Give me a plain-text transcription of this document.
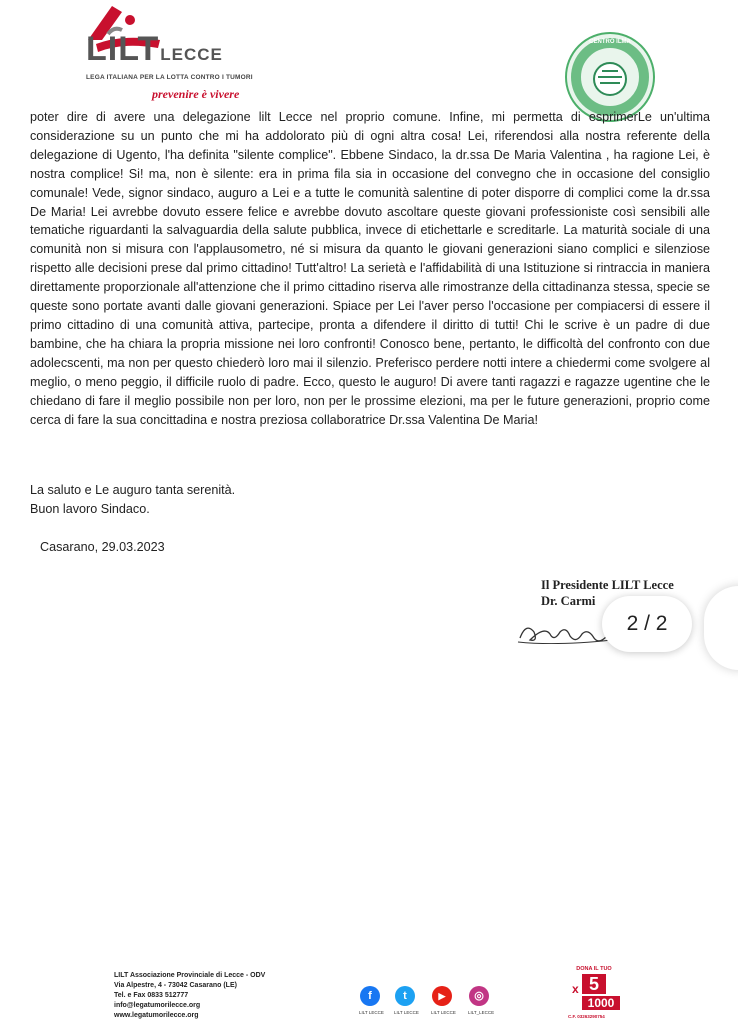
LILTLECCE
LEGA ITALIANA PER LA LOTTA CONTRO I TUMORI
prevenire è vivere
CENTRO ILMA

poter dire di avere una delegazione lilt Lecce nel proprio comune. Infine, mi permetta di esprimerLe un'ultima considerazione su un punto che mi ha addolorato più di ogni altra cosa! Lei, riferendosi alla nostra referente della delegazione di Ugento, l'ha definita "silente complice". Ebbene Sindaco, la dr.ssa De Maria Valentina , ha ragione Lei, è nostra complice! Si! ma, non è silente: era in prima fila sia in occasione del convegno che in occasione del consiglio comunale! Vede, signor sindaco, auguro a Lei e a tutte le comunità salentine di poter disporre di complici come la dr.ssa De Maria! Lei avrebbe dovuto essere felice e avrebbe dovuto ascoltare queste giovani professioniste così sensibili alle tematiche riguardanti la salvaguardia della salute pubblica, invece di etichettarle e screditarle. La maturità sociale di una comunità non si misura con l'applausometro, né si misura da quanto le giovani generazioni siano complici e silenziose rispetto alle decisioni prese dal primo cittadino! Tutt'altro! La serietà e l'affidabilità di una Istituzione si rintraccia in maniera direttamente proporzionale all'attenzione che il primo cittadino riserva alle rimostranze della cittadinanza stessa, specie se queste sono portate avanti dalle giovani generazioni. Spiace per Lei l'aver perso l'occasione per compiacersi di essere il primo cittadino di una comunità attiva, partecipe, pronta a difendere il diritto di tutti! Chi le scrive è un padre di due bambine, che ha chiara la propria missione nei loro confronti! Conosco bene, pertanto, le difficoltà del confronto con due adolecscenti, ma non per questo chiederò loro mai il silenzio. Preferisco perdere notti intere a chiedermi come svolgere al meglio, o meno peggio, il difficile ruolo di padre. Ecco, questo le auguro! Di avere tanti ragazzi e ragazze ugentine che le chiedano di fare il meglio possibile non per loro, non per le prossime elezioni, ma per le future generazioni, proprio come cerca di fare la sua concittadina e nostra preziosa collaboratrice Dr.ssa Valentina De Maria!

La saluto e Le auguro tanta serenità.
Buon lavoro Sindaco.
Casarano, 29.03.2023
Il Presidente LILT Lecce
Dr. Carmi
2 / 2
LILT Associazione Provinciale di Lecce - ODV
Via Alpestre, 4 - 73042 Casarano (LE)
Tel. e Fax 0833 512777
info@legatumorilecce.org
www.legatumorilecce.org
f
LILT LECCE
t
LILT LECCE
▶
LILT LECCE
◎
LILT_LECCE
DONA IL TUO
x 5
1000
C.F. 03263290754
